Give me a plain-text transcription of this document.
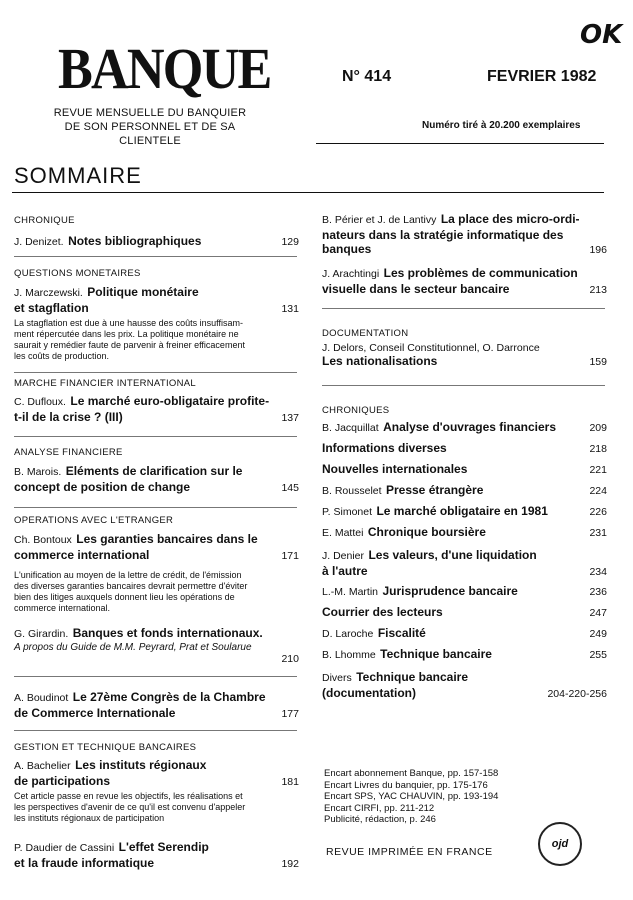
BANQUE
REVUE MENSUELLE DU BANQUIER
DE SON PERSONNEL ET DE SA CLIENTELE
N° 414	FEVRIER 1982
Numéro tiré à 20.200 exemplaires
OK
SOMMAIRE
CHRONIQUE
J. Denizet. Notes bibliographiques	129
QUESTIONS MONETAIRES
J. Marczewski. Politique monétaire
et stagflation	131
La stagflation est due à une hausse des coûts insuffisam-
ment répercutée dans les prix. La politique monétaire ne
saurait y remédier faute de parvenir à freiner efficacement
les coûts de production.
MARCHE FINANCIER INTERNATIONAL
C. Dufloux. Le marché euro-obligataire profite-
t-il de la crise ? (III)	137
ANALYSE FINANCIERE
B. Marois. Eléments de clarification sur le
concept de position de change	145
OPERATIONS AVEC L'ETRANGER
Ch. Bontoux Les garanties bancaires dans le
commerce international	171
L'unification au moyen de la lettre de crédit, de l'émission
des diverses garanties bancaires devrait permettre d'éviter
bien des litiges auxquels donnent lieu les opérations de
commerce international.
G. Girardin. Banques et fonds internationaux.
A propos du Guide de M.M. Peyrard, Prat et Soularue
210
A. Boudinot Le 27ème Congrès de la Chambre
de Commerce Internationale	177
GESTION ET TECHNIQUE BANCAIRES
A. Bachelier Les instituts régionaux
de participations	181
Cet article passe en revue les objectifs, les réalisations et
les perspectives d'avenir de ce qu'il est convenu d'appeler
les instituts régionaux de participation
P. Daudier de Cassini L'effet Serendip
et la fraude informatique	192
B. Périer et J. de Lantivy La place des micro-ordi-
nateurs dans la stratégie informatique des
banques	196
J. Arachtingi Les problèmes de communication
visuelle dans le secteur bancaire	213
DOCUMENTATION
J. Delors, Conseil Constitutionnel, O. Darronce
Les nationalisations	159
CHRONIQUES
B. Jacquillat Analyse d'ouvrages financiers	209
Informations diverses	218
Nouvelles internationales	221
B. Rousselet Presse étrangère	224
P. Simonet Le marché obligataire en 1981	226
E. Mattei Chronique boursière	231
J. Denier Les valeurs, d'une liquidation
à l'autre	234
L.-M. Martin Jurisprudence bancaire	236
Courrier des lecteurs	247
D. Laroche Fiscalité	249
B. Lhomme Technique bancaire	255
Divers Technique bancaire
(documentation)	204-220-256
Encart abonnement Banque, pp. 157-158
Encart Livres du banquier, pp. 175-176
Encart SPS, YAC CHAUVIN, pp. 193-194
Encart CIRFI, pp. 211-212
Publicité, rédaction, p. 246
ojd
REVUE IMPRIMÉE EN FRANCE
